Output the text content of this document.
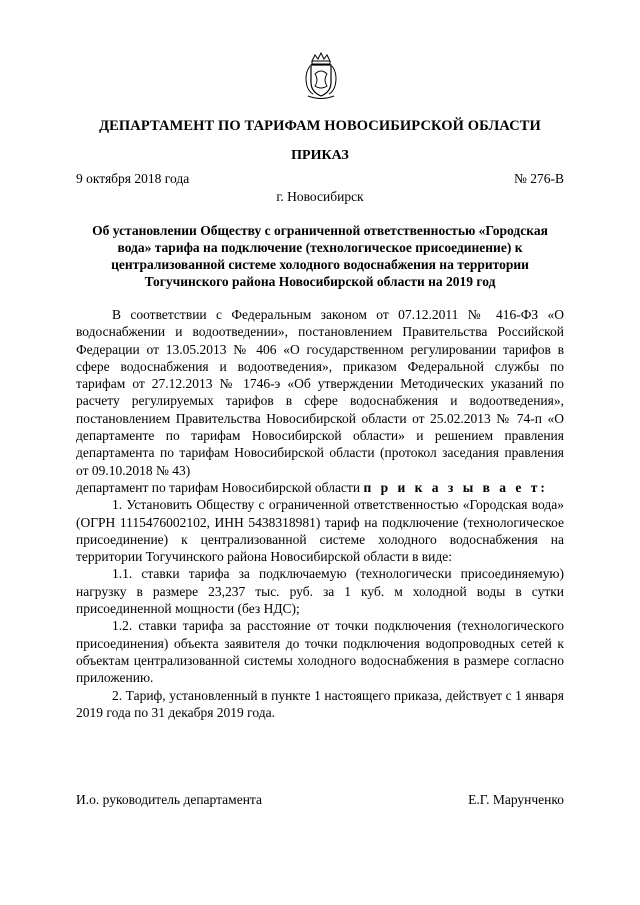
ДЕПАРТАМЕНТ ПО ТАРИФАМ НОВОСИБИРСКОЙ ОБЛАСТИ
ПРИКАЗ
9 октября 2018 года	№ 276-В
г. Новосибирск
Об установлении Обществу с ограниченной ответственностью «Городская вода» тарифа на подключение (технологическое присоединение) к централизованной системе холодного водоснабжения на территории Тогучинского района Новосибирской области на 2019 год

В соответствии с Федеральным законом от 07.12.2011 № 416-ФЗ «О водоснабжении и водоотведении», постановлением Правительства Российской Федерации от 13.05.2013 № 406 «О государственном регулировании тарифов в сфере водоснабжения и водоотведения», приказом Федеральной службы по тарифам от 27.12.2013 № 1746-э «Об утверждении Методических указаний по расчету регулируемых тарифов в сфере водоснабжения и водоотведения», постановлением Правительства Новосибирской области от 25.02.2013 № 74-п «О департаменте по тарифам Новосибирской области» и решением правления департамента по тарифам Новосибирской области (протокол заседания правления от 09.10.2018 № 43)

департамент по тарифам Новосибирской области п р и к а з ы в а е т:

1. Установить Обществу с ограниченной ответственностью «Городская вода» (ОГРН 1115476002102, ИНН 5438318981) тариф на подключение (технологическое присоединение) к централизованной системе холодного водоснабжения на территории Тогучинского района Новосибирской области в виде:

1.1. ставки тарифа за подключаемую (технологически присоединяемую) нагрузку в размере 23,237 тыс. руб. за 1 куб. м холодной воды в сутки присоединенной мощности (без НДС);

1.2. ставки тарифа за расстояние от точки подключения (технологического присоединения) объекта заявителя до точки подключения водопроводных сетей к объектам централизованной системы холодного водоснабжения в размере согласно приложению.

2. Тариф, установленный в пункте 1 настоящего приказа, действует с 1 января 2019 года по 31 декабря 2019 года.

И.о. руководитель департамента	Е.Г. Марунченко
